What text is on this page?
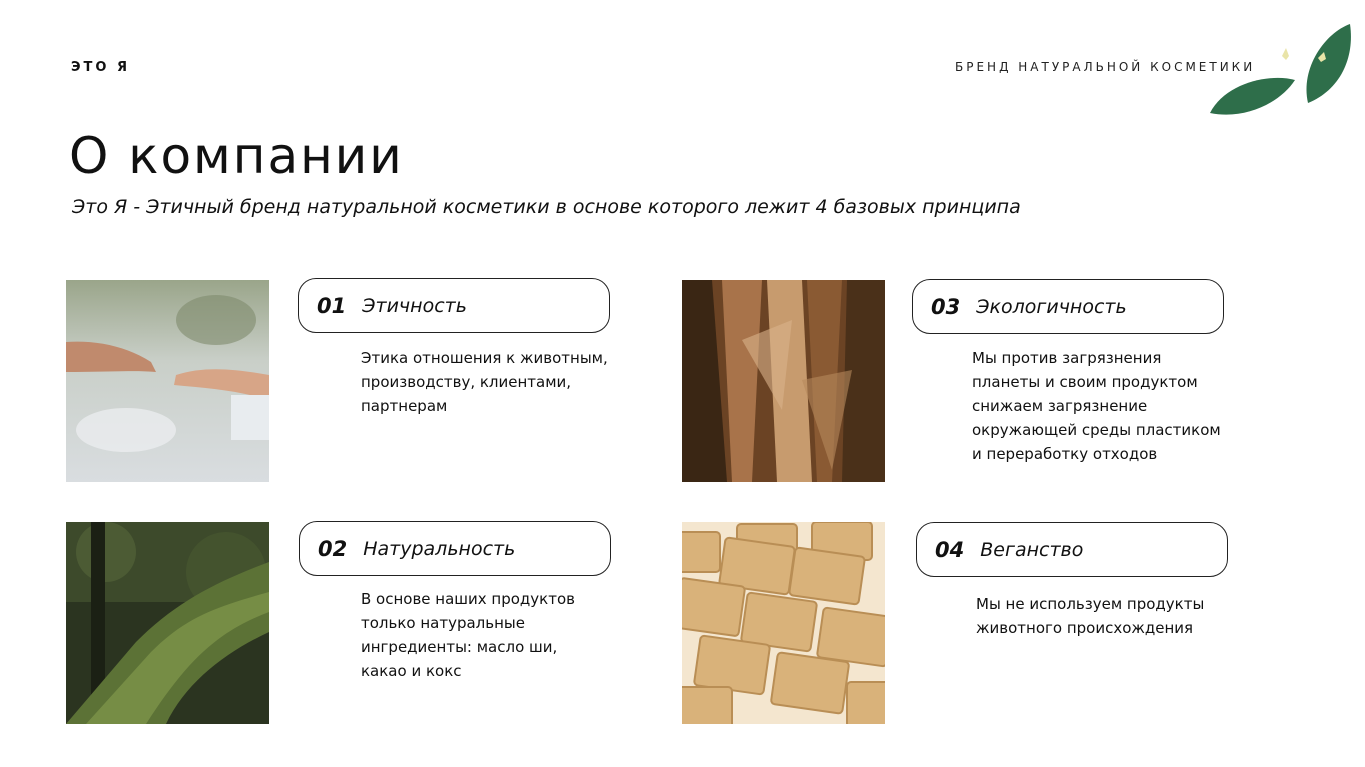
ЭТО Я	БРЕНД НАТУРАЛЬНОЙ КОСМЕТИКИ
О компании
Это Я - Этичный бренд натуральной косметики в основе которого лежит 4 базовых принципа
01 Этичность
Этика отношения к животным,
производству, клиентами,
партнерам
02 Натуральность
В основе наших продуктов
только натуральные
ингредиенты: масло ши,
какао и кокс
03 Экологичность
Мы против загрязнения
планеты и своим продуктом
снижаем загрязнение
окружающей среды пластиком
и переработку отходов
04 Веганство
Мы не используем продукты
животного происхождения
